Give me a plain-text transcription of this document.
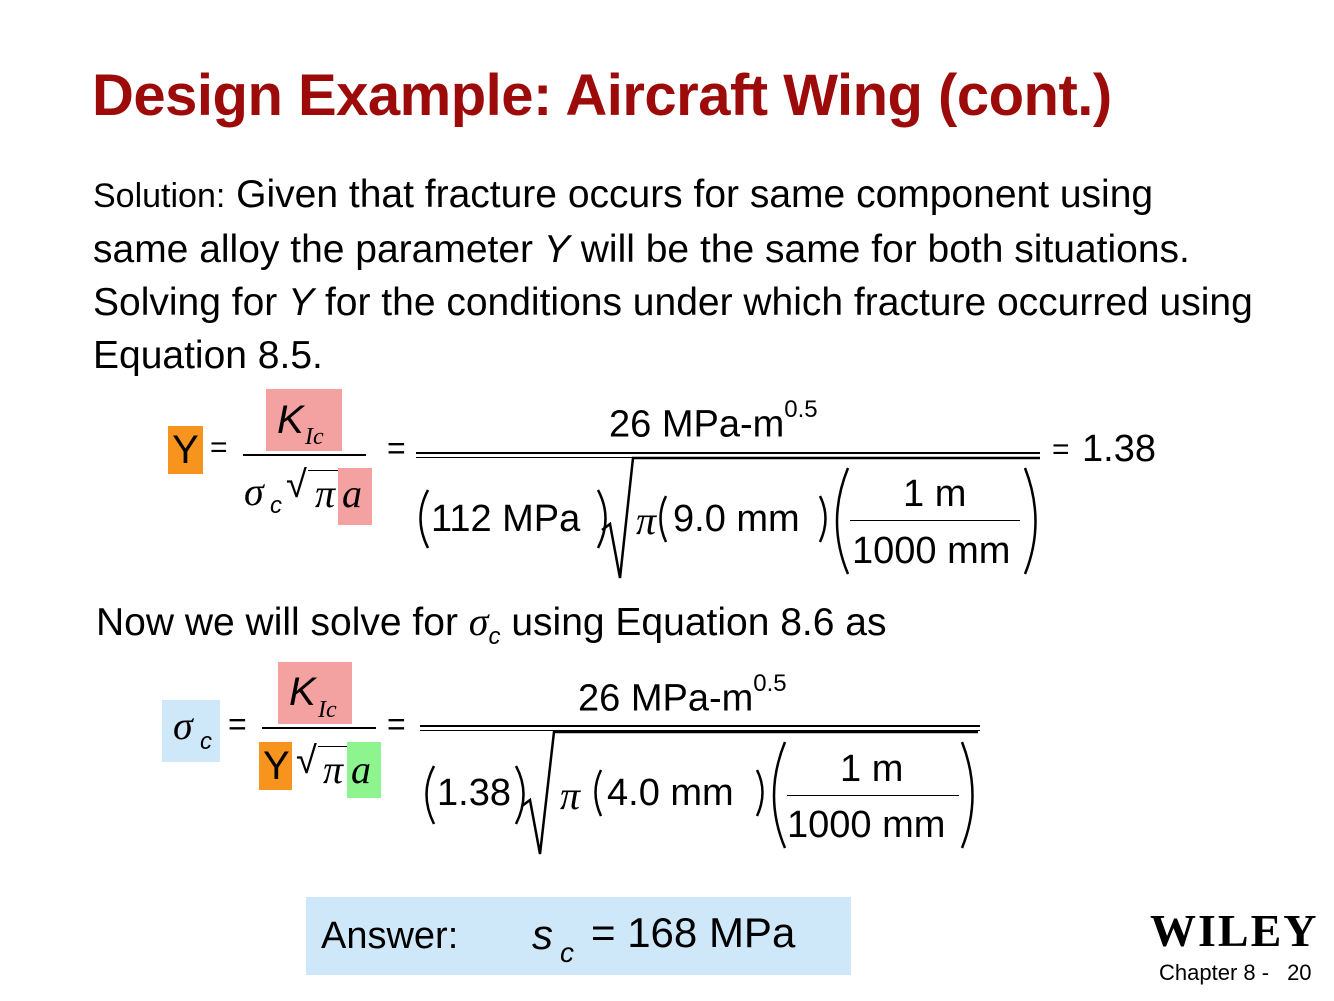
Design Example: Aircraft Wing (cont.)
Solution: Given that fracture occurs for same component using same alloy the parameter Y will be the same for both situations. Solving for Y for the conditions under which fracture occurred using Equation 8.5.
Y =
K Ic
σ c √ π a
=
26 MPa-$m^{0.5}$
112 MPa π 9.0 mm
1 m
1000 mm
= 1.38
Now we will solve for $\sigma_c$ using Equation 8.6 as
σ c =
K Ic
Y √ π a
=
26 MPa-$m^{0.5}$
1.38 π 4.0 mm
1 m
1000 mm
Answer: s c = 168 MPa	WILEY
Chapter 8 - 20
